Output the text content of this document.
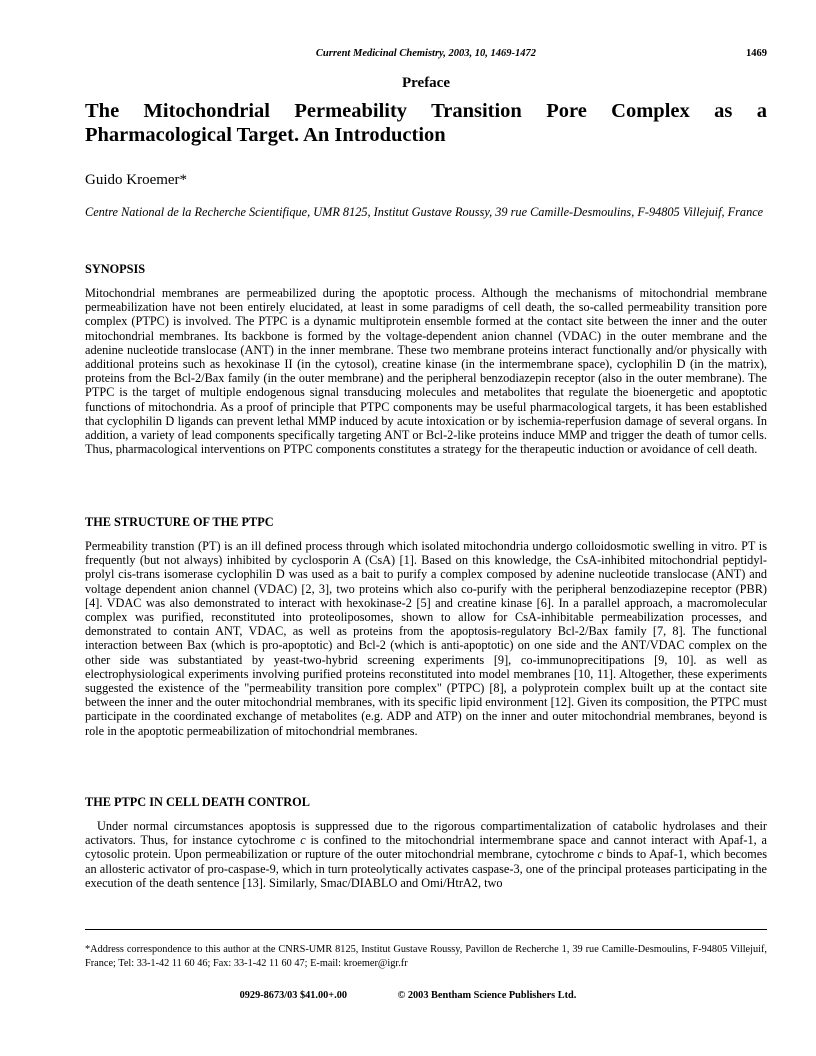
Current Medicinal Chemistry, 2003, 10, 1469-1472	1469
Preface
The Mitochondrial Permeability Transition Pore Complex as a
Pharmacological Target. An Introduction
Guido Kroemer*
Centre National de la Recherche Scientifique, UMR 8125, Institut Gustave Roussy, 39 rue Camille-Desmoulins, F-94805 Villejuif, France
SYNOPSIS
Mitochondrial membranes are permeabilized during the apoptotic process. Although the mechanisms of mitochondrial membrane permeabilization have not been entirely elucidated, at least in some paradigms of cell death, the so-called permeability transition pore complex (PTPC) is involved. The PTPC is a dynamic multiprotein ensemble formed at the contact site between the inner and the outer mitochondrial membranes. Its backbone is formed by the voltage-dependent anion channel (VDAC) in the outer membrane and the adenine nucleotide translocase (ANT) in the inner membrane. These two membrane proteins interact functionally and/or physically with additional proteins such as hexokinase II (in the cytosol), creatine kinase (in the intermembrane space), cyclophilin D (in the matrix), proteins from the Bcl-2/Bax family (in the outer membrane) and the peripheral benzodiazepin receptor (also in the outer membrane). The PTPC is the target of multiple endogenous signal transducing molecules and metabolites that regulate the bioenergetic and apoptotic functions of mitochondria. As a proof of principle that PTPC components may be useful pharmacological targets, it has been established that cyclophilin D ligands can prevent lethal MMP induced by acute intoxication or by ischemia-reperfusion damage of several organs. In addition, a variety of lead components specifically targeting ANT or Bcl-2-like proteins induce MMP and trigger the death of tumor cells. Thus, pharmacological interventions on PTPC components constitutes a strategy for the therapeutic induction or avoidance of cell death.
THE STRUCTURE OF THE PTPC
Permeability transtion (PT) is an ill defined process through which isolated mitochondria undergo colloidosmotic swelling in vitro. PT is frequently (but not always) inhibited by cyclosporin A (CsA) [1]. Based on this knowledge, the CsA-inhibited mitochondrial peptidyl-prolyl cis-trans isomerase cyclophilin D was used as a bait to purify a complex composed by adenine nucleotide translocase (ANT) and voltage dependent anion channel (VDAC) [2, 3], two proteins which also co-purify with the peripheral benzodiazepine receptor (PBR) [4]. VDAC was also demonstrated to interact with hexokinase-2 [5] and creatine kinase [6]. In a parallel approach, a macromolecular complex was purified, reconstituted into proteoliposomes, shown to allow for CsA-inhibitable permeabilization processes, and demonstrated to contain ANT, VDAC, as well as proteins from the apoptosis-regulatory Bcl-2/Bax family [7, 8]. The functional interaction between Bax (which is pro-apoptotic) and Bcl-2 (which is anti-apoptotic) on one side and the ANT/VDAC complex on the other side was substantiated by yeast-two-hybrid screening experiments [9], co-immunoprecitipations [9, 10]. as well as electrophysiological experiments involving purified proteins reconstituted into model membranes [10, 11]. Altogether, these experiments suggested the existence of the "permeability transition pore complex" (PTPC) [8], a polyprotein complex built up at the contact site between the inner and the outer mitochondrial membranes, with its specific lipid environment [12]. Given its composition, the PTPC must participate in the coordinated exchange of metabolites (e.g. ADP and ATP) on the inner and outer mitochondrial membranes, beyond is role in the apoptotic permeabilization of mitochondrial membranes.
THE PTPC IN CELL DEATH CONTROL
Under normal circumstances apoptosis is suppressed due to the rigorous compartimentalization of catabolic hydrolases and their activators. Thus, for instance cytochrome c is confined to the mitochondrial intermembrane space and cannot interact with Apaf-1, a cytosolic protein. Upon permeabilization or rupture of the outer mitochondrial membrane, cytochrome c binds to Apaf-1, which becomes an allosteric activator of pro-caspase-9, which in turn proteolytically activates caspase-3, one of the principal proteases participating in the execution of the death sentence [13]. Similarly, Smac/DIABLO and Omi/HtrA2, two
*Address correspondence to this author at the CNRS-UMR 8125, Institut Gustave Roussy, Pavillon de Recherche 1, 39 rue Camille-Desmoulins, F-94805 Villejuif, France; Tel: 33-1-42 11 60 46; Fax: 33-1-42 11 60 47; E-mail: kroemer@igr.fr
0929-8673/03 $41.00+.00	© 2003 Bentham Science Publishers Ltd.
